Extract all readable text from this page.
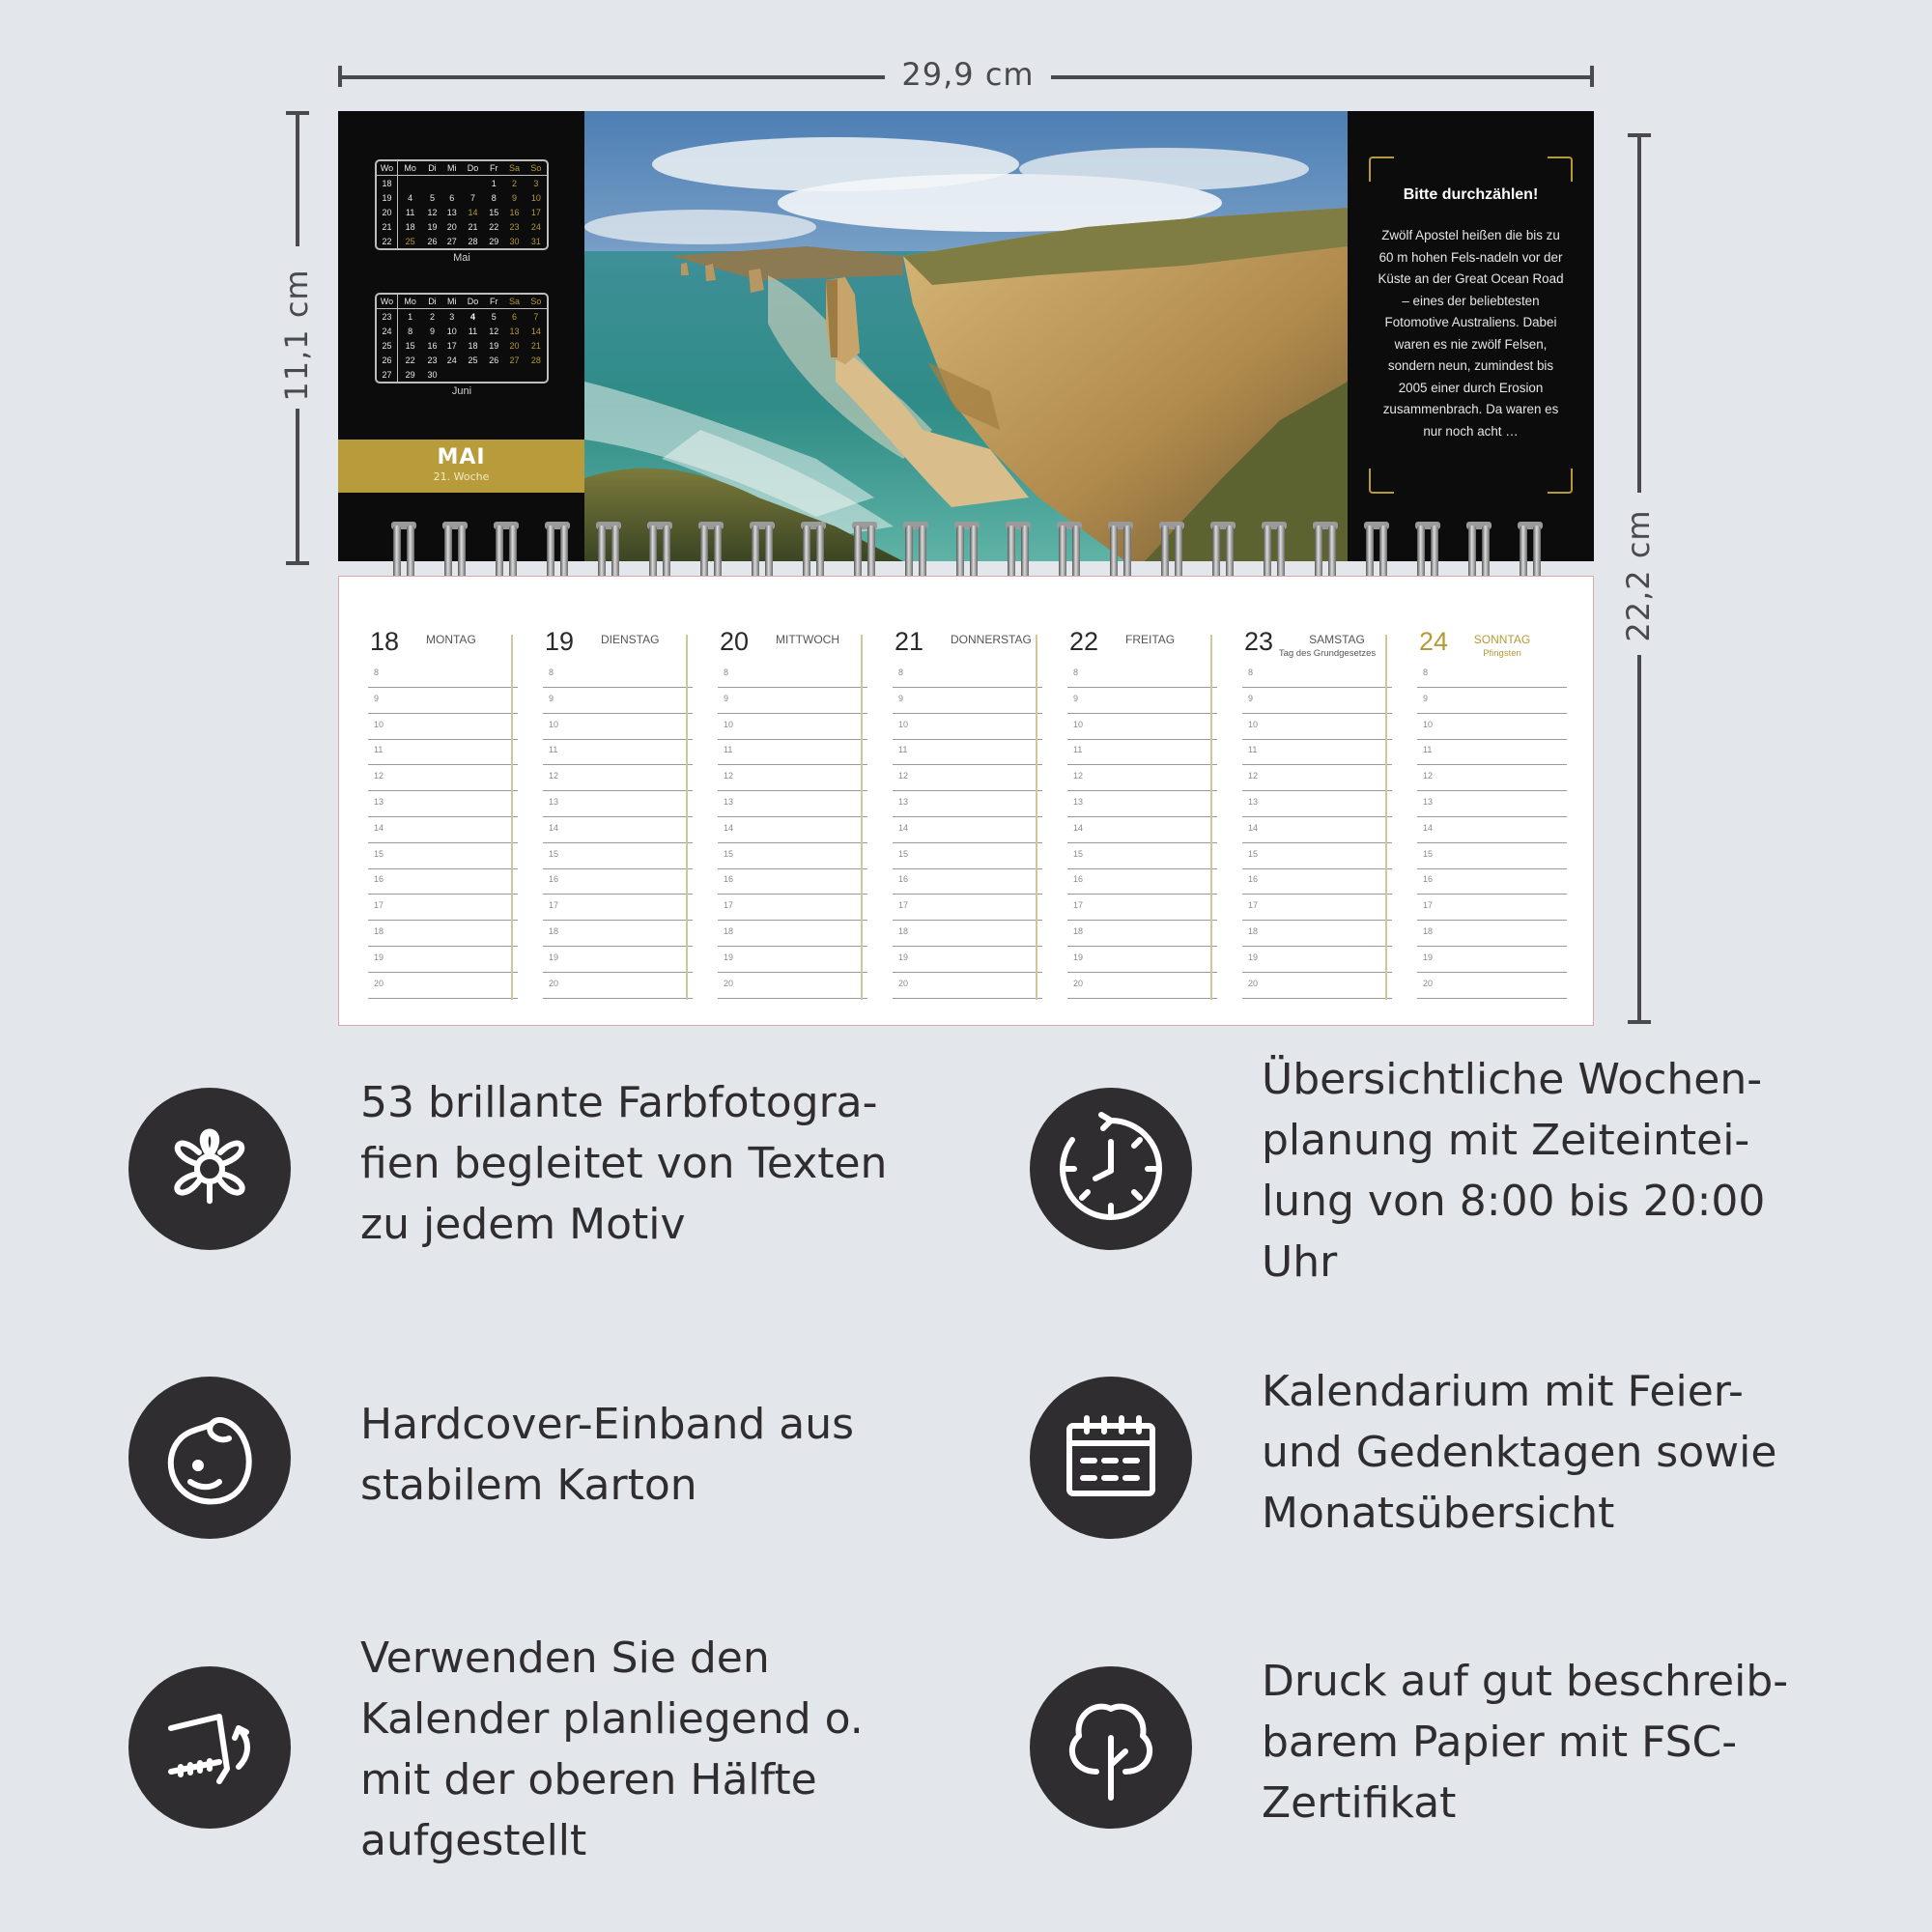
29,9 cm
11,1 cm
22,2 cm
Wo	Mo	Di	Mi	Do	Fr	Sa	So
18					1	2	3
19	4	5	6	7	8	9	10
20	11	12	13	14	15	16	17
21	18	19	20	21	22	23	24
22	25	26	27	28	29	30	31
Mai
Wo	Mo	Di	Mi	Do	Fr	Sa	So
23	1	2	3	4	5	6	7
24	8	9	10	11	12	13	14
25	15	16	17	18	19	20	21
26	22	23	24	25	26	27	28
27	29	30					
Juni
MAI
21. Woche
Bitte durchzählen!
Zwölf Apostel heißen die bis zu 60 m hohen Fels-nadeln vor der Küste an der Great Ocean Road – eines der beliebtesten Fotomotive Australiens. Dabei waren es nie zwölf Felsen, sondern neun, zumindest bis 2005 einer durch Erosion zusammenbrach. Da waren es nur noch acht …
18 MONTAG
8
9
10
11
12
13
14
15
16
17
18
19
20
19 DIENSTAG
8
9
10
11
12
13
14
15
16
17
18
19
20
20 MITTWOCH
8
9
10
11
12
13
14
15
16
17
18
19
20
21 DONNERSTAG
8
9
10
11
12
13
14
15
16
17
18
19
20
22 FREITAG
8
9
10
11
12
13
14
15
16
17
18
19
20
23	SAMSTAG
Tag des Grundgesetzes
8
9
10
11
12
13
14
15
16
17
18
19
20
24	SONNTAG
Pfingsten
8
9
10
11
12
13
14
15
16
17
18
19
20
53 brillante Farbfotogra-
fien begleitet von Texten
zu jedem Motiv
Übersichtliche Wochen-
planung mit Zeiteintei-
lung von 8:00 bis 20:00
Uhr
Hardcover-Einband aus
stabilem Karton
Kalendarium mit Feier-
und Gedenktagen sowie
Monatsübersicht
Verwenden Sie den
Kalender planliegend o.
mit der oberen Hälfte
aufgestellt
Druck auf gut beschreib-
barem Papier mit FSC-
Zertifikat
